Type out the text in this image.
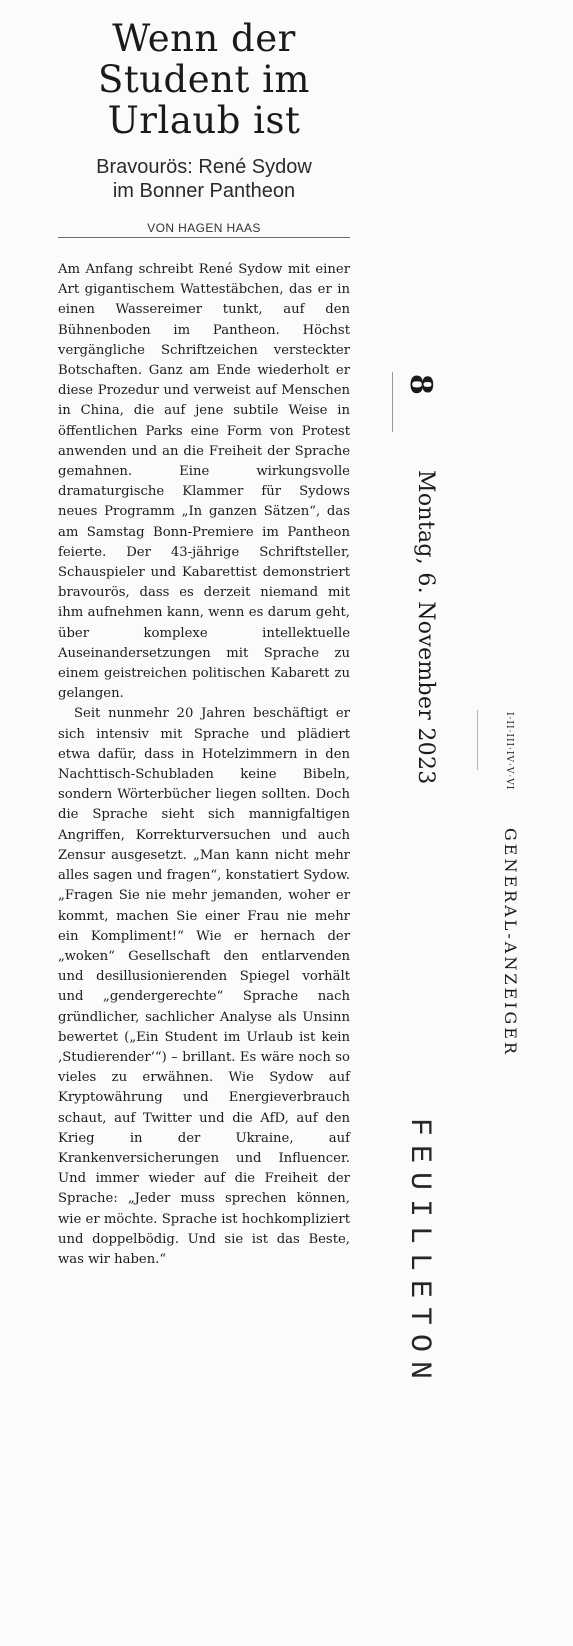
Wenn der
Student im
Urlaub ist
Bravourös: René Sydow
im Bonner Pantheon
VON HAGEN HAAS

Am Anfang schreibt René Sydow mit einer Art gigantischem Wattestäbchen, das er in einen Wassereimer tunkt, auf den Bühnenboden im Pantheon. Höchst vergängliche Schriftzeichen versteckter Botschaften. Ganz am Ende wiederholt er diese Prozedur und verweist auf Menschen in China, die auf jene subtile Weise in öffentlichen Parks eine Form von Protest anwenden und an die Freiheit der Sprache gemahnen. Eine wirkungsvolle dramaturgische Klammer für Sydows neues Programm „In ganzen Sätzen“, das am Samstag Bonn-Premiere im Pantheon feierte. Der 43-jährige Schriftsteller, Schauspieler und Kabarettist demonstriert bravourös, dass es derzeit niemand mit ihm aufnehmen kann, wenn es darum geht, über komplexe intellektuelle Auseinandersetzungen mit Sprache zu einem geistreichen politischen Kabarett zu gelangen.

Seit nunmehr 20 Jahren beschäftigt er sich intensiv mit Sprache und plädiert etwa dafür, dass in Hotelzimmern in den Nachttisch-Schubladen keine Bibeln, sondern Wörterbücher liegen sollten. Doch die Sprache sieht sich mannigfaltigen Angriffen, Korrekturversuchen und auch Zensur ausgesetzt. „Man kann nicht mehr alles sagen und fragen“, konstatiert Sydow. „Fragen Sie nie mehr jemanden, woher er kommt, machen Sie einer Frau nie mehr ein Kompliment!“ Wie er hernach der „woken“ Gesellschaft den entlarvenden und desillusionierenden Spiegel vorhält und „gendergerechte“ Sprache nach gründlicher, sachlicher Analyse als Unsinn bewertet („Ein Student im Urlaub ist kein ‚Studierender‘“) – brillant. Es wäre noch so vieles zu erwähnen. Wie Sydow auf Kryptowährung und Energieverbrauch schaut, auf Twitter und die AfD, auf den Krieg in der Ukraine, auf Krankenversicherungen und Influencer. Und immer wieder auf die Freiheit der Sprache: „Jeder muss sprechen können, wie er möchte. Sprache ist hochkompliziert und doppelbödig. Und sie ist das Beste, was wir haben.“

8
Montag, 6. November 2023	I·II·III·IV·V·VI
GENERAL-ANZEIGER
FEUILLETON
